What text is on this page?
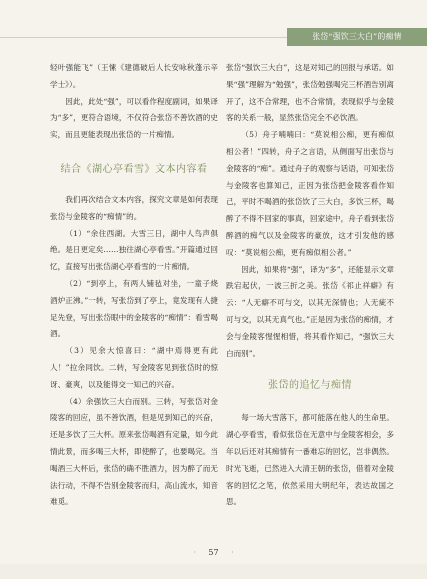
张岱“强饮三大白”的痴情

轻叶强能飞”（王愫《建德破后人长安咏秋蓬示辛学士》）。

因此，此处“强”，可以看作程度副词，如果译为“多”，更符合语境，不仅符合张岱不善饮酒的史实，而且更能表现出张岱的一片痴情。

结合《湖心亭看雪》文本内容看

我们再次结合文本内容，探究文章是如何表现张岱与金陵客的“痴情”的。

（1）“余住西湖。大雪三日，湖中人鸟声俱绝。是日更定矣……独往湖心亭看雪。”开篇通过回忆，直接写出张岱湖心亭看雪的一片痴情。

（2）“到亭上，有两人铺毡对坐，一童子烧酒炉正沸。”一转，写张岱到了亭上，竟发现有人捷足先登，写出张岱眼中的金陵客的“痴情”：看雪喝酒。

（3）见余大惊喜曰：“湖中焉得更有此人！”拉余同饮。二转，写金陵客见到张岱时的惊讶、豪爽，以及能得交一知己的兴奋。

（4）余强饮三大白而别。三转，写张岱对金陵客的回应，虽不善饮酒，但是见到知己的兴奋，还是多饮了三大杯。原来张岱喝酒有定量，如今此情此景，而多喝三大杯，即使醉了，也要喝完。当喝酒三大杯后，张岱的确不胜酒力，因为醉了而无法行动，不得不告别金陵客而归，高山流水，知音难觅。

张岱“强饮三大白”，这是对知己的回报与承诺。如果“强”理解为“勉强”，张岱勉强喝完三杯酒告别离开了，这不合常理，也不合常情，表现似乎与金陵客的关系一般，显然张岱完全不必饮酒。

（5）舟子喃喃曰：“莫说相公痴，更有痴似相公者！”四转，舟子之言语，从侧面写出张岱与金陵客的“痴”。通过舟子的观察与话语，可知张岱与金陵客也算知己，正因为张岱把金陵客看作知己，平时不喝酒的张岱饮了三大白，多饮三杯，喝醉了不得不回家的事真，回家途中，舟子看到张岱醉酒的痴气以及金陵客的豪放，这才引发他的感叹：“莫说相公痴，更有痴似相公者。”

因此，如果将“强”，译为“多”，还能显示文章跌宕起伏，一波三折之美。张岱《祁止祥癖》有云：“人无癖不可与交，以其无深情也；人无疵不可与交，以其无真气也。”正是因为张岱的痴情，才会与金陵客惺惺相惜，将其看作知己，“强饮三大白而别”。

张岱的追忆与痴情

每一场大雪落下，都可能落在他人的生命里。湖心亭看雪，看似张岱在无意中与金陵客相会，多年以后还对其痴情有一番难忘的回忆，岂非偶然。时光飞逝，已然进入大清王朝的张岱，借着对金陵客的回忆之笔，依然采用大明纪年，表达故国之思。

· 57 ·
